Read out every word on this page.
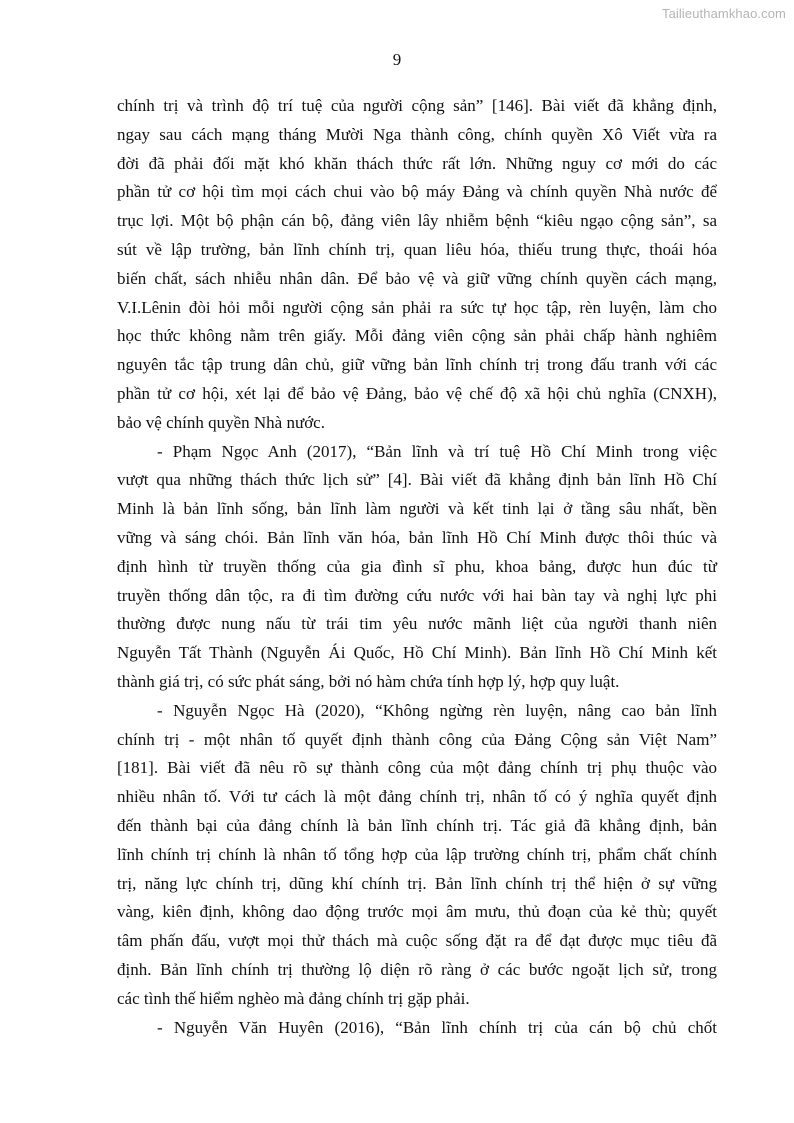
Tailieuthamkhao.com
9

chính trị và trình độ trí tuệ của người cộng sản” [146]. Bài viết đã khẳng định,
ngay sau cách mạng tháng Mười Nga thành công, chính quyền Xô Viết vừa ra
đời đã phải đối mặt khó khăn thách thức rất lớn. Những nguy cơ mới do các
phần tử cơ hội tìm mọi cách chui vào bộ máy Đảng và chính quyền Nhà nước để
trục lợi. Một bộ phận cán bộ, đảng viên lây nhiễm bệnh “kiêu ngạo cộng sản”, sa
sút về lập trường, bản lĩnh chính trị, quan liêu hóa, thiếu trung thực, thoái hóa
biến chất, sách nhiễu nhân dân. Để bảo vệ và giữ vững chính quyền cách mạng,
V.I.Lênin đòi hỏi mỗi người cộng sản phải ra sức tự học tập, rèn luyện, làm cho
học thức không nằm trên giấy. Mỗi đảng viên cộng sản phải chấp hành nghiêm
nguyên tắc tập trung dân chủ, giữ vững bản lĩnh chính trị trong đấu tranh với các
phần tử cơ hội, xét lại để bảo vệ Đảng, bảo vệ chế độ xã hội chủ nghĩa (CNXH),
bảo vệ chính quyền Nhà nước.

- Phạm Ngọc Anh (2017), “Bản lĩnh và trí tuệ Hồ Chí Minh trong việc
vượt qua những thách thức lịch sử” [4]. Bài viết đã khẳng định bản lĩnh Hồ Chí
Minh là bản lĩnh sống, bản lĩnh làm người và kết tinh lại ở tầng sâu nhất, bền
vững và sáng chói. Bản lĩnh văn hóa, bản lĩnh Hồ Chí Minh được thôi thúc và
định hình từ truyền thống của gia đình sĩ phu, khoa bảng, được hun đúc từ
truyền thống dân tộc, ra đi tìm đường cứu nước với hai bàn tay và nghị lực phi
thường được nung nấu từ trái tim yêu nước mãnh liệt của người thanh niên
Nguyễn Tất Thành (Nguyễn Ái Quốc, Hồ Chí Minh). Bản lĩnh Hồ Chí Minh kết
thành giá trị, có sức phát sáng, bởi nó hàm chứa tính hợp lý, hợp quy luật.

- Nguyễn Ngọc Hà (2020), “Không ngừng rèn luyện, nâng cao bản lĩnh
chính trị - một nhân tố quyết định thành công của Đảng Cộng sản Việt Nam”
[181]. Bài viết đã nêu rõ sự thành công của một đảng chính trị phụ thuộc vào
nhiều nhân tố. Với tư cách là một đảng chính trị, nhân tố có ý nghĩa quyết định
đến thành bại của đảng chính là bản lĩnh chính trị. Tác giả đã khẳng định, bản
lĩnh chính trị chính là nhân tố tổng hợp của lập trường chính trị, phẩm chất chính
trị, năng lực chính trị, dũng khí chính trị. Bản lĩnh chính trị thể hiện ở sự vững
vàng, kiên định, không dao động trước mọi âm mưu, thủ đoạn của kẻ thù; quyết
tâm phấn đấu, vượt mọi thử thách mà cuộc sống đặt ra để đạt được mục tiêu đã
định. Bản lĩnh chính trị thường lộ diện rõ ràng ở các bước ngoặt lịch sử, trong
các tình thế hiểm nghèo mà đảng chính trị gặp phải.

- Nguyễn Văn Huyên (2016), “Bản lĩnh chính trị của cán bộ chủ chốt
